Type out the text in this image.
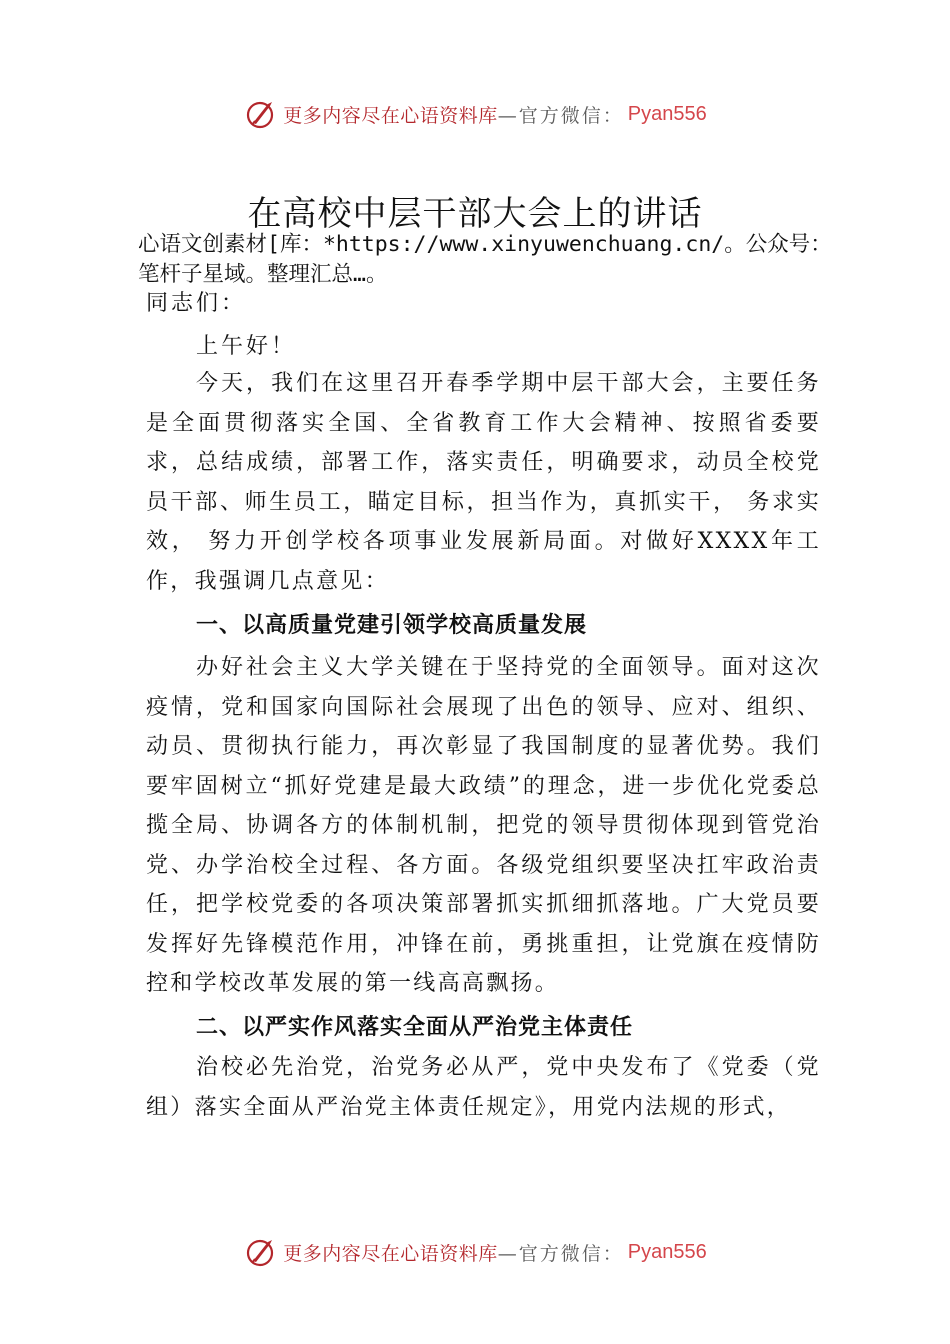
更多内容尽在心语资料库 —官方微信： Pyan556
在高校中层干部大会上的讲话
心语文创素材[库：*https://www.xinyuwenchuang.cn/。公众号：笔杆子星域。整理汇总…。
同志们：
上午好！

今天，我们在这里召开春季学期中层干部大会，主要任务是全面贯彻落实全国、全省教育工作大会精神、按照省委要求，总结成绩，部署工作，落实责任，明确要求，动员全校党员干部、师生员工，瞄定目标，担当作为，真抓实干， 务求实效， 努力开创学校各项事业发展新局面。对做好XXXX年工作，我强调几点意见：

一、以高质量党建引领学校高质量发展

办好社会主义大学关键在于坚持党的全面领导。面对这次疫情，党和国家向国际社会展现了出色的领导、应对、组织、动员、贯彻执行能力，再次彰显了我国制度的显著优势。我们要牢固树立“抓好党建是最大政绩”的理念，进一步优化党委总揽全局、协调各方的体制机制，把党的领导贯彻体现到管党治党、办学治校全过程、各方面。各级党组织要坚决扛牢政治责任，把学校党委的各项决策部署抓实抓细抓落地。广大党员要发挥好先锋模范作用，冲锋在前，勇挑重担，让党旗在疫情防控和学校改革发展的第一线高高飘扬。

二、以严实作风落实全面从严治党主体责任

治校必先治党，治党务必从严，党中央发布了《党委（党组）落实全面从严治党主体责任规定》，用党内法规的形式，

更多内容尽在心语资料库 —官方微信： Pyan556
